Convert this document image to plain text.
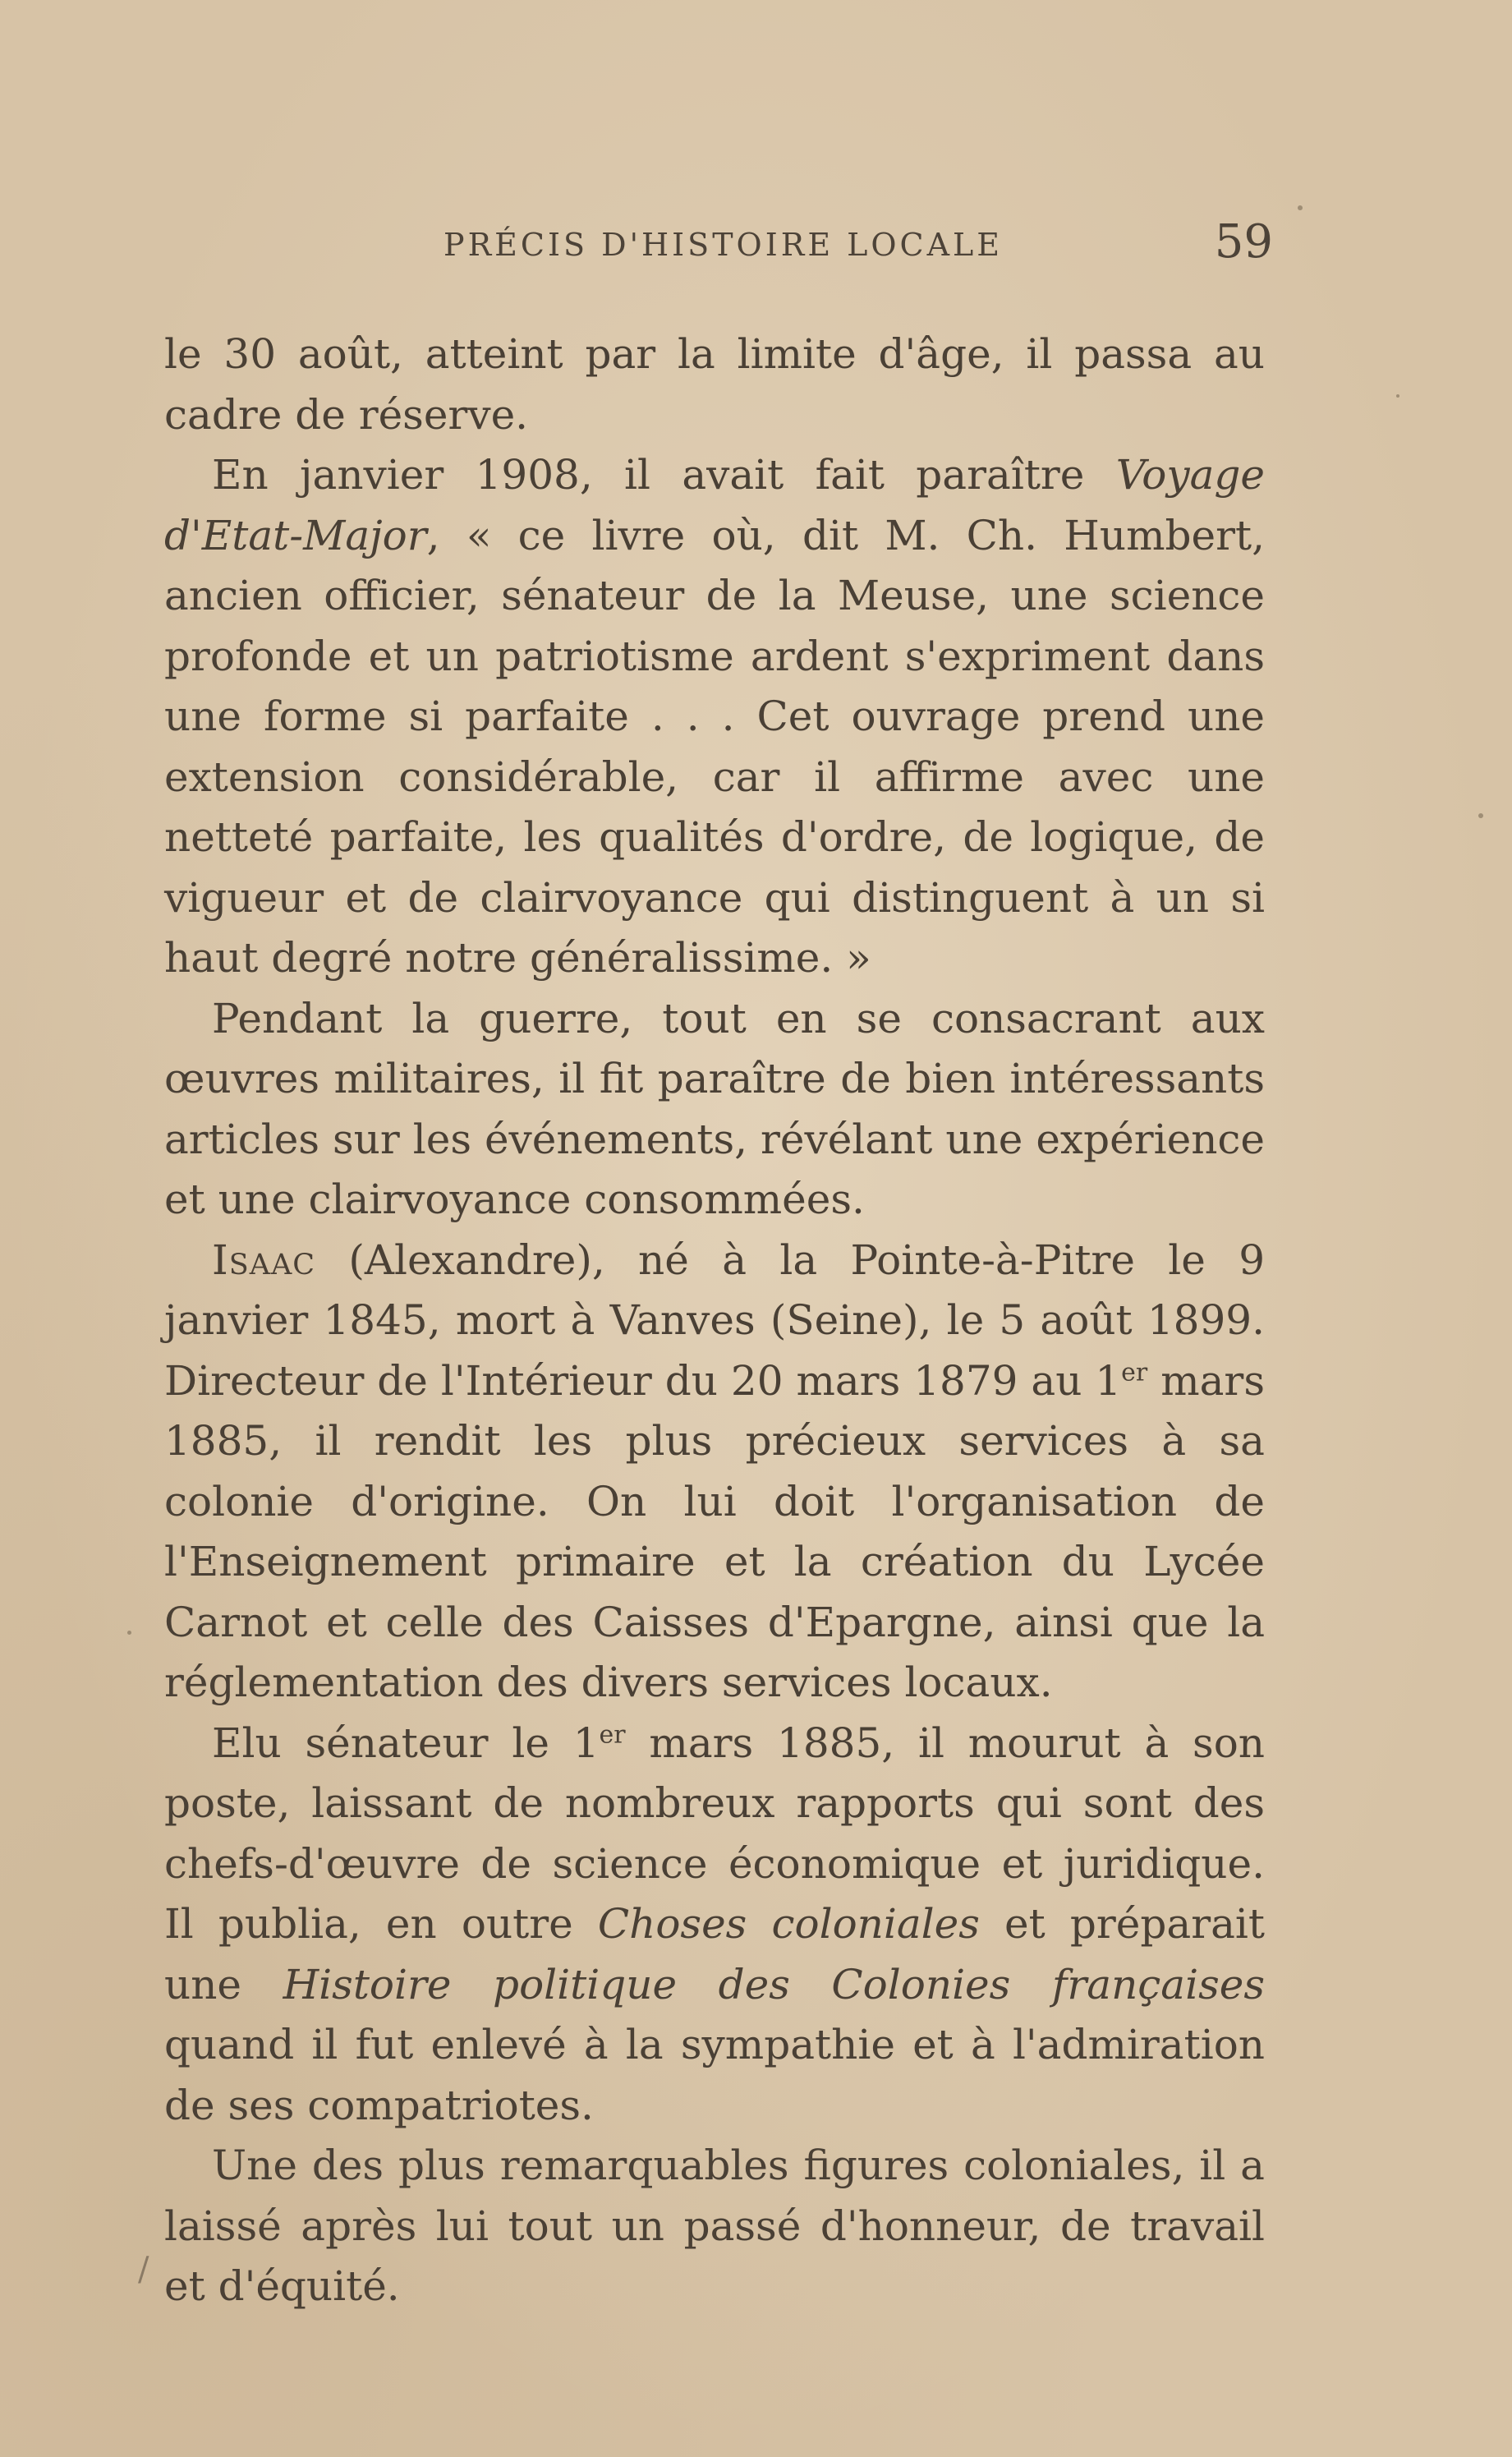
PRÉCIS D'HISTOIRE LOCALE	59

le 30 août, atteint par la limite d'âge, il passa au cadre de réserve.

En janvier 1908, il avait fait paraître Voyage d'Etat-Major, « ce livre où, dit M. Ch. Humbert, ancien officier, sénateur de la Meuse, une science profonde et un patriotisme ardent s'expriment dans une forme si parfaite . . . Cet ouvrage prend une extension considérable, car il affirme avec une netteté parfaite, les qualités d'ordre, de logique, de vigueur et de clairvoyance qui distinguent à un si haut degré notre généralissime. »

Pendant la guerre, tout en se consacrant aux œuvres militaires, il fit paraître de bien intéressants articles sur les événements, révélant une expérience et une clairvoyance consommées.

Isaac (Alexandre), né à la Pointe-à-Pitre le 9 janvier 1845, mort à Vanves (Seine), le 5 août 1899. Directeur de l'Intérieur du 20 mars 1879 au 1er mars 1885, il rendit les plus précieux services à sa colonie d'origine. On lui doit l'organisation de l'Enseignement primaire et la création du Lycée Carnot et celle des Caisses d'Epargne, ainsi que la réglementation des divers services locaux.

Elu sénateur le 1er mars 1885, il mourut à son poste, laissant de nombreux rapports qui sont des chefs-d'œuvre de science économique et juridique. Il publia, en outre Choses coloniales et préparait une Histoire politique des Colonies françaises quand il fut enlevé à la sympathie et à l'admiration de ses compatriotes.

Une des plus remarquables figures coloniales, il a laissé après lui tout un passé d'honneur, de travail et d'équité.

/
